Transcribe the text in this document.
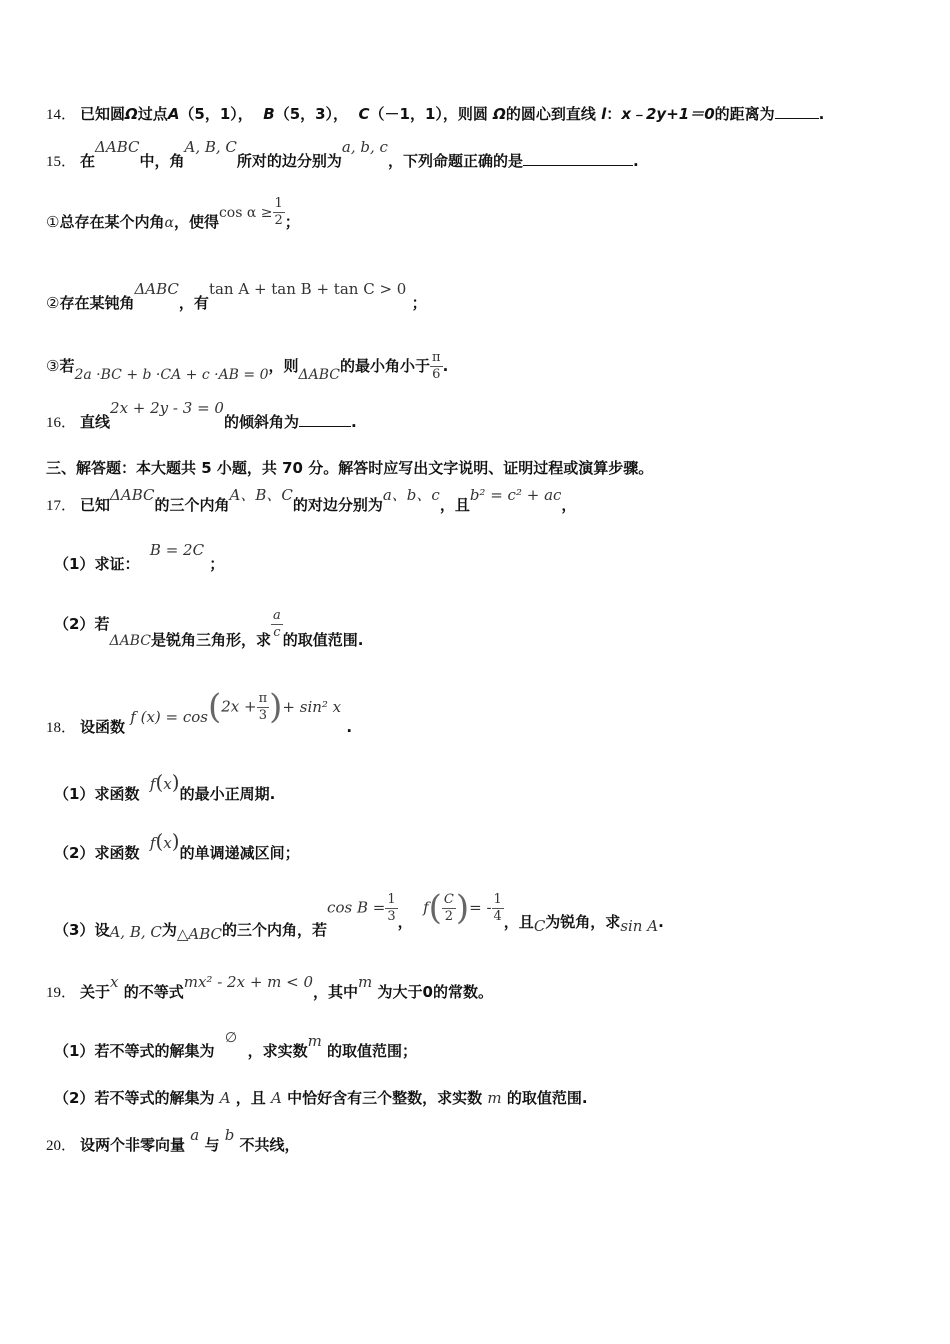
14． 已知圆Ω过点A（5，1）， B（5，3）， C（－1，1），则圆 Ω的圆心到直线 l：x﹣2y+1＝0的距离为	.
15． 在ΔABC中，角A, B, C所对的边分别为a, b, c，下列命题正确的是	.
①总存在某个内角α，使得$\cos \alpha \ge \frac{1}{2}$ ；
②存在某钝角ΔABC，有tan A + tan B + tan C > 0 ；
③若2a ·BC + b ·CA + c ·AB = 0，则ΔABC的最小角小于 $\frac{\pi}{6}$ .
16． 直线2x + 2y - 3 = 0的倾斜角为	.
三、解答题：本大题共 5 小题，共 70 分。解答时应写出文字说明、证明过程或演算步骤。
17． 已知ΔABC的三个内角A、B、C的对边分别为a、b、c，且b² = c² + ac，
（1）求证：  B = 2C ；
（2）若ΔABC是锐角三角形，求 $\frac{a}{c}$ 的取值范围.
18． 设函数 f $(x) = \cos(2x + \frac{\pi}{3}$ )+ sin² x .
（1）求函数  f(x)的最小正周期.
（2）求函数  f(x)的单调递减区间；
（3）设A, B, C为△ABC的三个内角，若$\cos B = \frac{1}{3}$ ，  $f( \frac{C}{2}$ )= - $\frac{1}{4}$ ，且C为锐角，求sin A.
19． 关于x 的不等式mx² - 2x + m < 0，其中m 为大于0的常数。
（1）若不等式的解集为  ∅  ，求实数m 的取值范围；
（2）若不等式的解集为 A ，且 A 中恰好含有三个整数，求实数 m 的取值范围.
20． 设两个非零向量 a 与 b 不共线，
